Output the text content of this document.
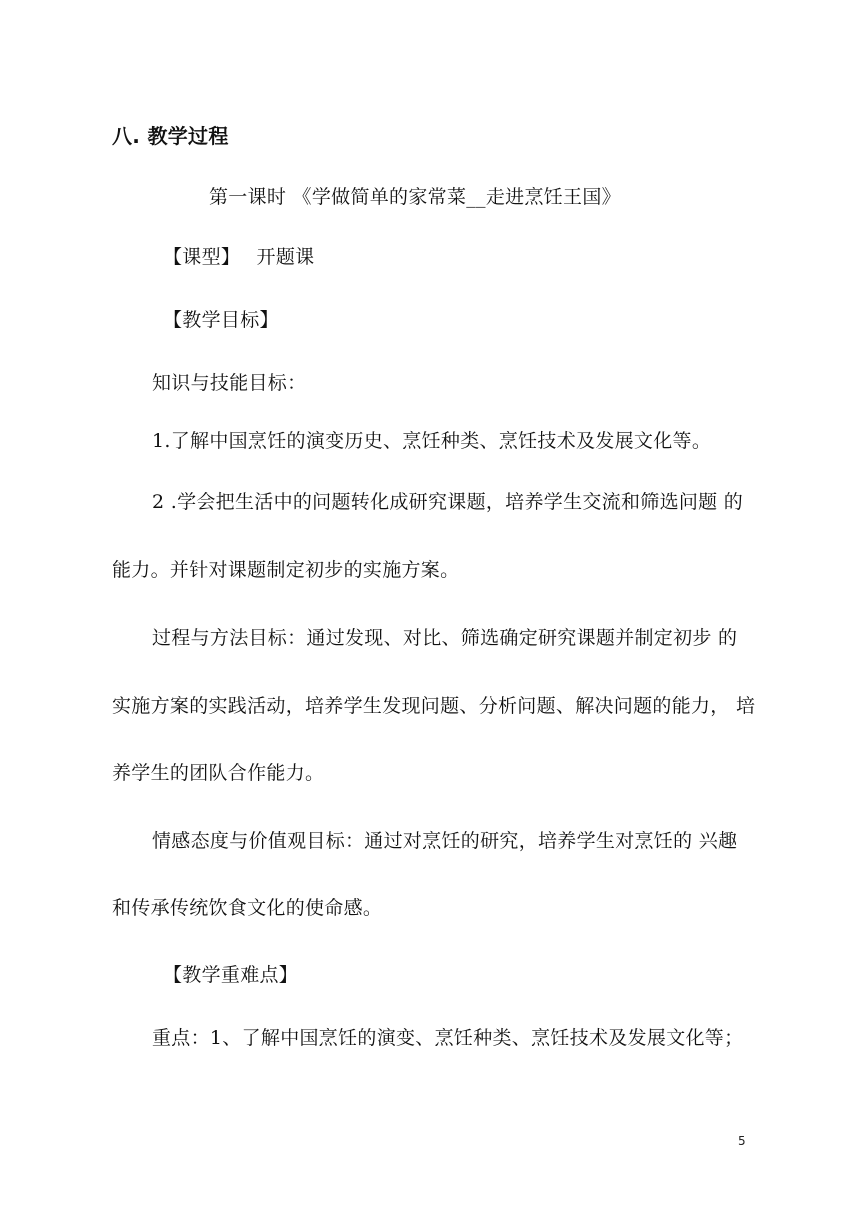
八. 教学过程
第一课时 《学做简单的家常菜__走进烹饪王国》
【课型】 开题课
【教学目标】
知识与技能目标：
1.了解中国烹饪的演变历史、烹饪种类、烹饪技术及发展文化等。
2 .学会把生活中的问题转化成研究课题，培养学生交流和筛选问题 的
能力。并针对课题制定初步的实施方案。
过程与方法目标：通过发现、对比、筛选确定研究课题并制定初步 的
实施方案的实践活动，培养学生发现问题、分析问题、解决问题的能力， 培
养学生的团队合作能力。
情感态度与价值观目标：通过对烹饪的研究，培养学生对烹饪的 兴趣
和传承传统饮食文化的使命感。
【教学重难点】
重点：1、了解中国烹饪的演变、烹饪种类、烹饪技术及发展文化等；
5
